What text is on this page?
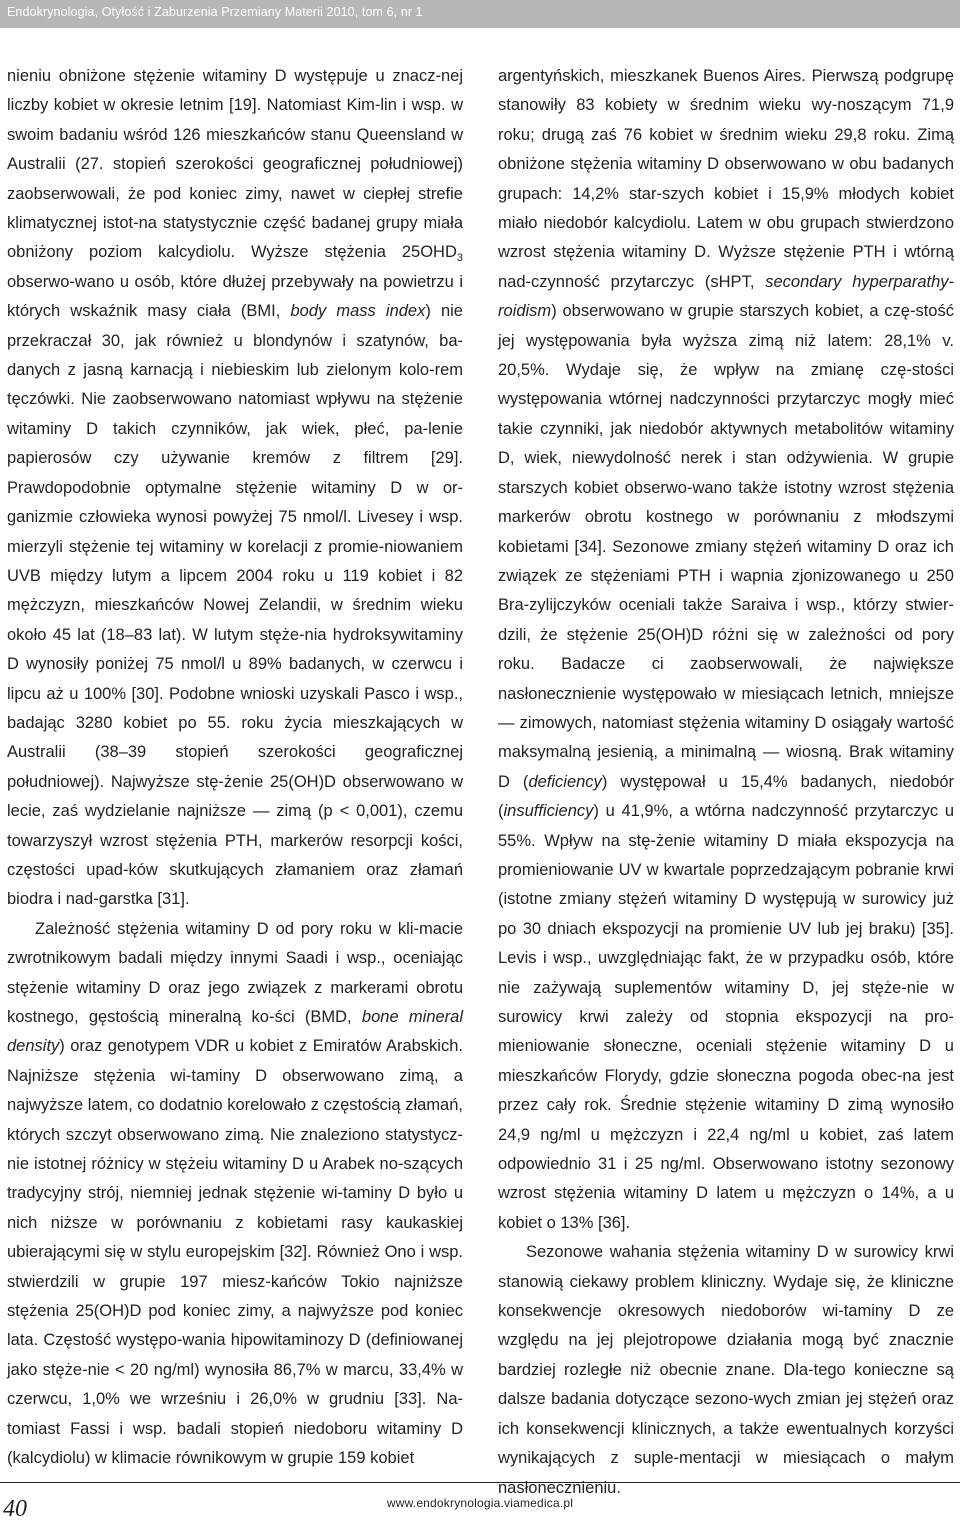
Endokrynologia, Otyłość i Zaburzenia Przemiany Materii 2010, tom 6, nr 1

nieniu obniżone stężenie witaminy D występuje u znacz-nej liczby kobiet w okresie letnim [19]. Natomiast Kim-lin i wsp. w swoim badaniu wśród 126 mieszkańców stanu Queensland w Australii (27. stopień szerokości geograficznej południowej) zaobserwowali, że pod koniec zimy, nawet w ciepłej strefie klimatycznej istot-na statystycznie część badanej grupy miała obniżony poziom kalcydiolu. Wyższe stężenia $25OHD_3$ obserwo-wano u osób, które dłużej przebywały na powietrzu i których wskaźnik masy ciała (BMI, body mass index) nie przekraczał 30, jak również u blondynów i szatynów, ba-danych z jasną karnacją i niebieskim lub zielonym kolo-rem tęczówki. Nie zaobserwowano natomiast wpływu na stężenie witaminy D takich czynników, jak wiek, płeć, pa-lenie papierosów czy używanie kremów z filtrem [29]. Prawdopodobnie optymalne stężenie witaminy D w or-ganizmie człowieka wynosi powyżej 75 nmol/l. Livesey i wsp. mierzyli stężenie tej witaminy w korelacji z promie-niowaniem UVB między lutym a lipcem 2004 roku u 119 kobiet i 82 mężczyzn, mieszkańców Nowej Zelandii, w średnim wieku około 45 lat (18–83 lat). W lutym stęże-nia hydroksywitaminy D wynosiły poniżej 75 nmol/l u 89% badanych, w czerwcu i lipcu aż u 100% [30]. Podobne wnioski uzyskali Pasco i wsp., badając 3280 kobiet po 55. roku życia mieszkających w Australii (38–39 stopień szerokości geograficznej południowej). Najwyższe stę-żenie 25(OH)D obserwowano w lecie, zaś wydzielanie najniższe — zimą (p < 0,001), czemu towarzyszył wzrost stężenia PTH, markerów resorpcji kości, częstości upad-ków skutkujących złamaniem oraz złamań biodra i nad-garstka [31].

Zależność stężenia witaminy D od pory roku w kli-macie zwrotnikowym badali między innymi Saadi i wsp., oceniając stężenie witaminy D oraz jego związek z markerami obrotu kostnego, gęstością mineralną ko-ści (BMD, bone mineral density) oraz genotypem VDR u kobiet z Emiratów Arabskich. Najniższe stężenia wi-taminy D obserwowano zimą, a najwyższe latem, co dodatnio korelowało z częstością złamań, których szczyt obserwowano zimą. Nie znaleziono statystycz-nie istotnej różnicy w stężeiu witaminy D u Arabek no-szących tradycyjny strój, niemniej jednak stężenie wi-taminy D było u nich niższe w porównaniu z kobietami rasy kaukaskiej ubierającymi się w stylu europejskim [32]. Również Ono i wsp. stwierdzili w grupie 197 miesz-kańców Tokio najniższe stężenia 25(OH)D pod koniec zimy, a najwyższe pod koniec lata. Częstość występo-wania hipowitaminozy D (definiowanej jako stęże-nie < 20 ng/ml) wynosiła 86,7% w marcu, 33,4% w czerwcu, 1,0% we wrześniu i 26,0% w grudniu [33]. Na-tomiast Fassi i wsp. badali stopień niedoboru witaminy D (kalcydiolu) w klimacie równikowym w grupie 159 kobiet

argentyńskich, mieszkanek Buenos Aires. Pierwszą podgrupę stanowiły 83 kobiety w średnim wieku wy-noszącym 71,9 roku; drugą zaś 76 kobiet w średnim wieku 29,8 roku. Zimą obniżone stężenia witaminy D obserwowano w obu badanych grupach: 14,2% star-szych kobiet i 15,9% młodych kobiet miało niedobór kalcydiolu. Latem w obu grupach stwierdzono wzrost stężenia witaminy D. Wyższe stężenie PTH i wtórną nad-czynność przytarczyc (sHPT, secondary hyperparathy-roidism) obserwowano w grupie starszych kobiet, a czę-stość jej występowania była wyższa zimą niż latem: 28,1% v. 20,5%. Wydaje się, że wpływ na zmianę czę-stości występowania wtórnej nadczynności przytarczyc mogły mieć takie czynniki, jak niedobór aktywnych metabolitów witaminy D, wiek, niewydolność nerek i stan odżywienia. W grupie starszych kobiet obserwo-wano także istotny wzrost stężenia markerów obrotu kostnego w porównaniu z młodszymi kobietami [34]. Sezonowe zmiany stężeń witaminy D oraz ich związek ze stężeniami PTH i wapnia zjonizowanego u 250 Bra-zylijczyków oceniali także Saraiva i wsp., którzy stwier-dzili, że stężenie 25(OH)D różni się w zależności od pory roku. Badacze ci zaobserwowali, że największe nasłonecznienie występowało w miesiącach letnich, mniejsze — zimowych, natomiast stężenia witaminy D osiągały wartość maksymalną jesienią, a minimalną — wiosną. Brak witaminy D (deficiency) występował u 15,4% badanych, niedobór (insufficiency) u 41,9%, a wtórna nadczynność przytarczyc u 55%. Wpływ na stę-żenie witaminy D miała ekspozycja na promieniowanie UV w kwartale poprzedzającym pobranie krwi (istotne zmiany stężeń witaminy D występują w surowicy już po 30 dniach ekspozycji na promienie UV lub jej braku) [35]. Levis i wsp., uwzględniając fakt, że w przypadku osób, które nie zażywają suplementów witaminy D, jej stęże-nie w surowicy krwi zależy od stopnia ekspozycji na pro-mieniowanie słoneczne, oceniali stężenie witaminy D u mieszkańców Florydy, gdzie słoneczna pogoda obec-na jest przez cały rok. Średnie stężenie witaminy D zimą wynosiło 24,9 ng/ml u mężczyzn i 22,4 ng/ml u kobiet, zaś latem odpowiednio 31 i 25 ng/ml. Obserwowano istotny sezonowy wzrost stężenia witaminy D latem u mężczyzn o 14%, a u kobiet o 13% [36].

Sezonowe wahania stężenia witaminy D w surowicy krwi stanowią ciekawy problem kliniczny. Wydaje się, że kliniczne konsekwencje okresowych niedoborów wi-taminy D ze względu na jej plejotropowe działania mogą być znacznie bardziej rozległe niż obecnie znane. Dla-tego konieczne są dalsze badania dotyczące sezono-wych zmian jej stężeń oraz ich konsekwencji klinicznych, a także ewentualnych korzyści wynikających z suple-mentacji w miesiącach o małym nasłonecznieniu.

40	www.endokrynologia.viamedica.pl
